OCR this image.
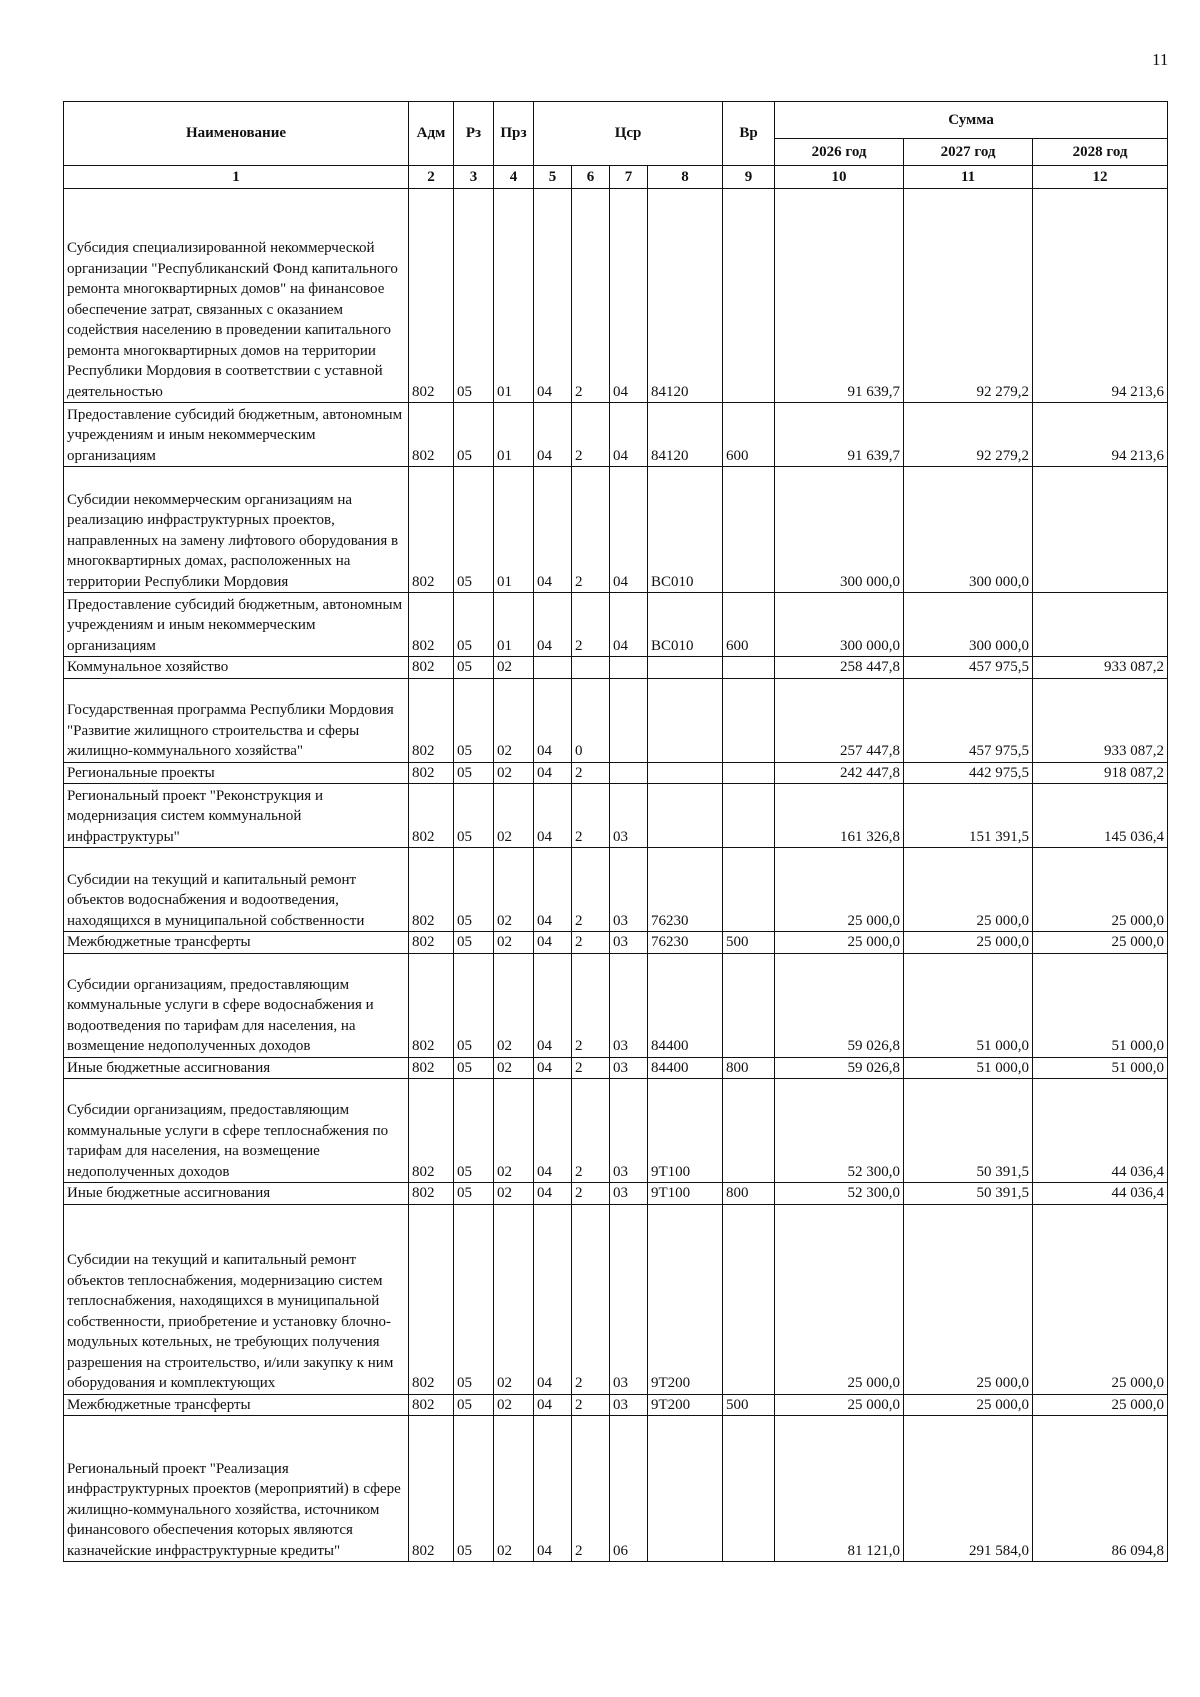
11
Наименование	Адм	Рз	Прз	Цср				Вр	Сумма		
									2026 год	2027 год	2028 год
1	2	3	4	5	6	7	8	9	10	11	12
Субсидия специализированной некоммерческой организации "Республиканский Фонд капитального ремонта многоквартирных домов" на финансовое обеспечение затрат, связанных с оказанием содействия населению в проведении капитального ремонта многоквартирных домов на территории Республики Мордовия в соответствии с уставной деятельностью	802	05	01	04	2	04	84120		91 639,7	92 279,2	94 213,6
Предоставление субсидий бюджетным, автономным учреждениям и иным некоммерческим организациям	802	05	01	04	2	04	84120	600	91 639,7	92 279,2	94 213,6
Субсидии некоммерческим организациям на реализацию инфраструктурных проектов, направленных на замену лифтового оборудования в многоквартирных домах, расположенных на территории Республики Мордовия	802	05	01	04	2	04	BC010		300 000,0	300 000,0	
Предоставление субсидий бюджетным, автономным учреждениям и иным некоммерческим организациям	802	05	01	04	2	04	BC010	600	300 000,0	300 000,0	
Коммунальное хозяйство	802	05	02						258 447,8	457 975,5	933 087,2
Государственная программа Республики Мордовия "Развитие жилищного строительства и сферы жилищно-коммунального хозяйства"	802	05	02	04	0				257 447,8	457 975,5	933 087,2
Региональные проекты	802	05	02	04	2				242 447,8	442 975,5	918 087,2
Региональный проект "Реконструкция и модернизация систем коммунальной инфраструктуры"	802	05	02	04	2	03			161 326,8	151 391,5	145 036,4
Субсидии на текущий и капитальный ремонт объектов водоснабжения и водоотведения, находящихся в муниципальной собственности	802	05	02	04	2	03	76230		25 000,0	25 000,0	25 000,0
Межбюджетные трансферты	802	05	02	04	2	03	76230	500	25 000,0	25 000,0	25 000,0
Субсидии организациям, предоставляющим коммунальные услуги в сфере водоснабжения и водоотведения по тарифам для населения, на возмещение недополученных доходов	802	05	02	04	2	03	84400		59 026,8	51 000,0	51 000,0
Иные бюджетные ассигнования	802	05	02	04	2	03	84400	800	59 026,8	51 000,0	51 000,0
Субсидии организациям, предоставляющим коммунальные услуги в сфере теплоснабжения по тарифам для населения, на возмещение недополученных доходов	802	05	02	04	2	03	9T100		52 300,0	50 391,5	44 036,4
Иные бюджетные ассигнования	802	05	02	04	2	03	9T100	800	52 300,0	50 391,5	44 036,4
Субсидии на текущий и капитальный ремонт объектов теплоснабжения, модернизацию систем теплоснабжения, находящихся в муниципальной собственности, приобретение и установку блочно-модульных котельных, не требующих получения разрешения на строительство, и/или закупку к ним оборудования и комплектующих	802	05	02	04	2	03	9T200		25 000,0	25 000,0	25 000,0
Межбюджетные трансферты	802	05	02	04	2	03	9T200	500	25 000,0	25 000,0	25 000,0
Региональный проект "Реализация инфраструктурных проектов (мероприятий) в сфере жилищно-коммунального хозяйства, источником финансового обеспечения которых являются казначейские инфраструктурные кредиты"	802	05	02	04	2	06			81 121,0	291 584,0	86 094,8
